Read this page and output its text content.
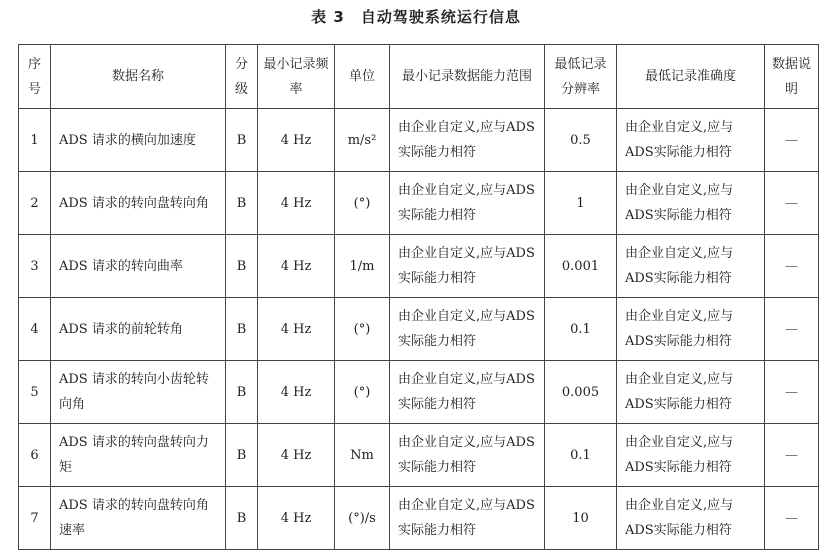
表 3 自动驾驶系统运行信息
序号	数据名称	分级	最小记录频率	单位	最小记录数据能力范围	最低记录分辨率	最低记录准确度	数据说明
1	ADS 请求的横向加速度	B	4 Hz	m/s²	由企业自定义,应与ADS实际能力相符	0.5	由企业自定义,应与ADS实际能力相符	—
2	ADS 请求的转向盘转向角	B	4 Hz	(°)	由企业自定义,应与ADS实际能力相符	1	由企业自定义,应与ADS实际能力相符	—
3	ADS 请求的转向曲率	B	4 Hz	1/m	由企业自定义,应与ADS实际能力相符	0.001	由企业自定义,应与ADS实际能力相符	—
4	ADS 请求的前轮转角	B	4 Hz	(°)	由企业自定义,应与ADS实际能力相符	0.1	由企业自定义,应与ADS实际能力相符	—
5	ADS 请求的转向小齿轮转向角	B	4 Hz	(°)	由企业自定义,应与ADS实际能力相符	0.005	由企业自定义,应与ADS实际能力相符	—
6	ADS 请求的转向盘转向力矩	B	4 Hz	Nm	由企业自定义,应与ADS实际能力相符	0.1	由企业自定义,应与ADS实际能力相符	—
7	ADS 请求的转向盘转向角速率	B	4 Hz	(°)/s	由企业自定义,应与ADS实际能力相符	10	由企业自定义,应与ADS实际能力相符	—
